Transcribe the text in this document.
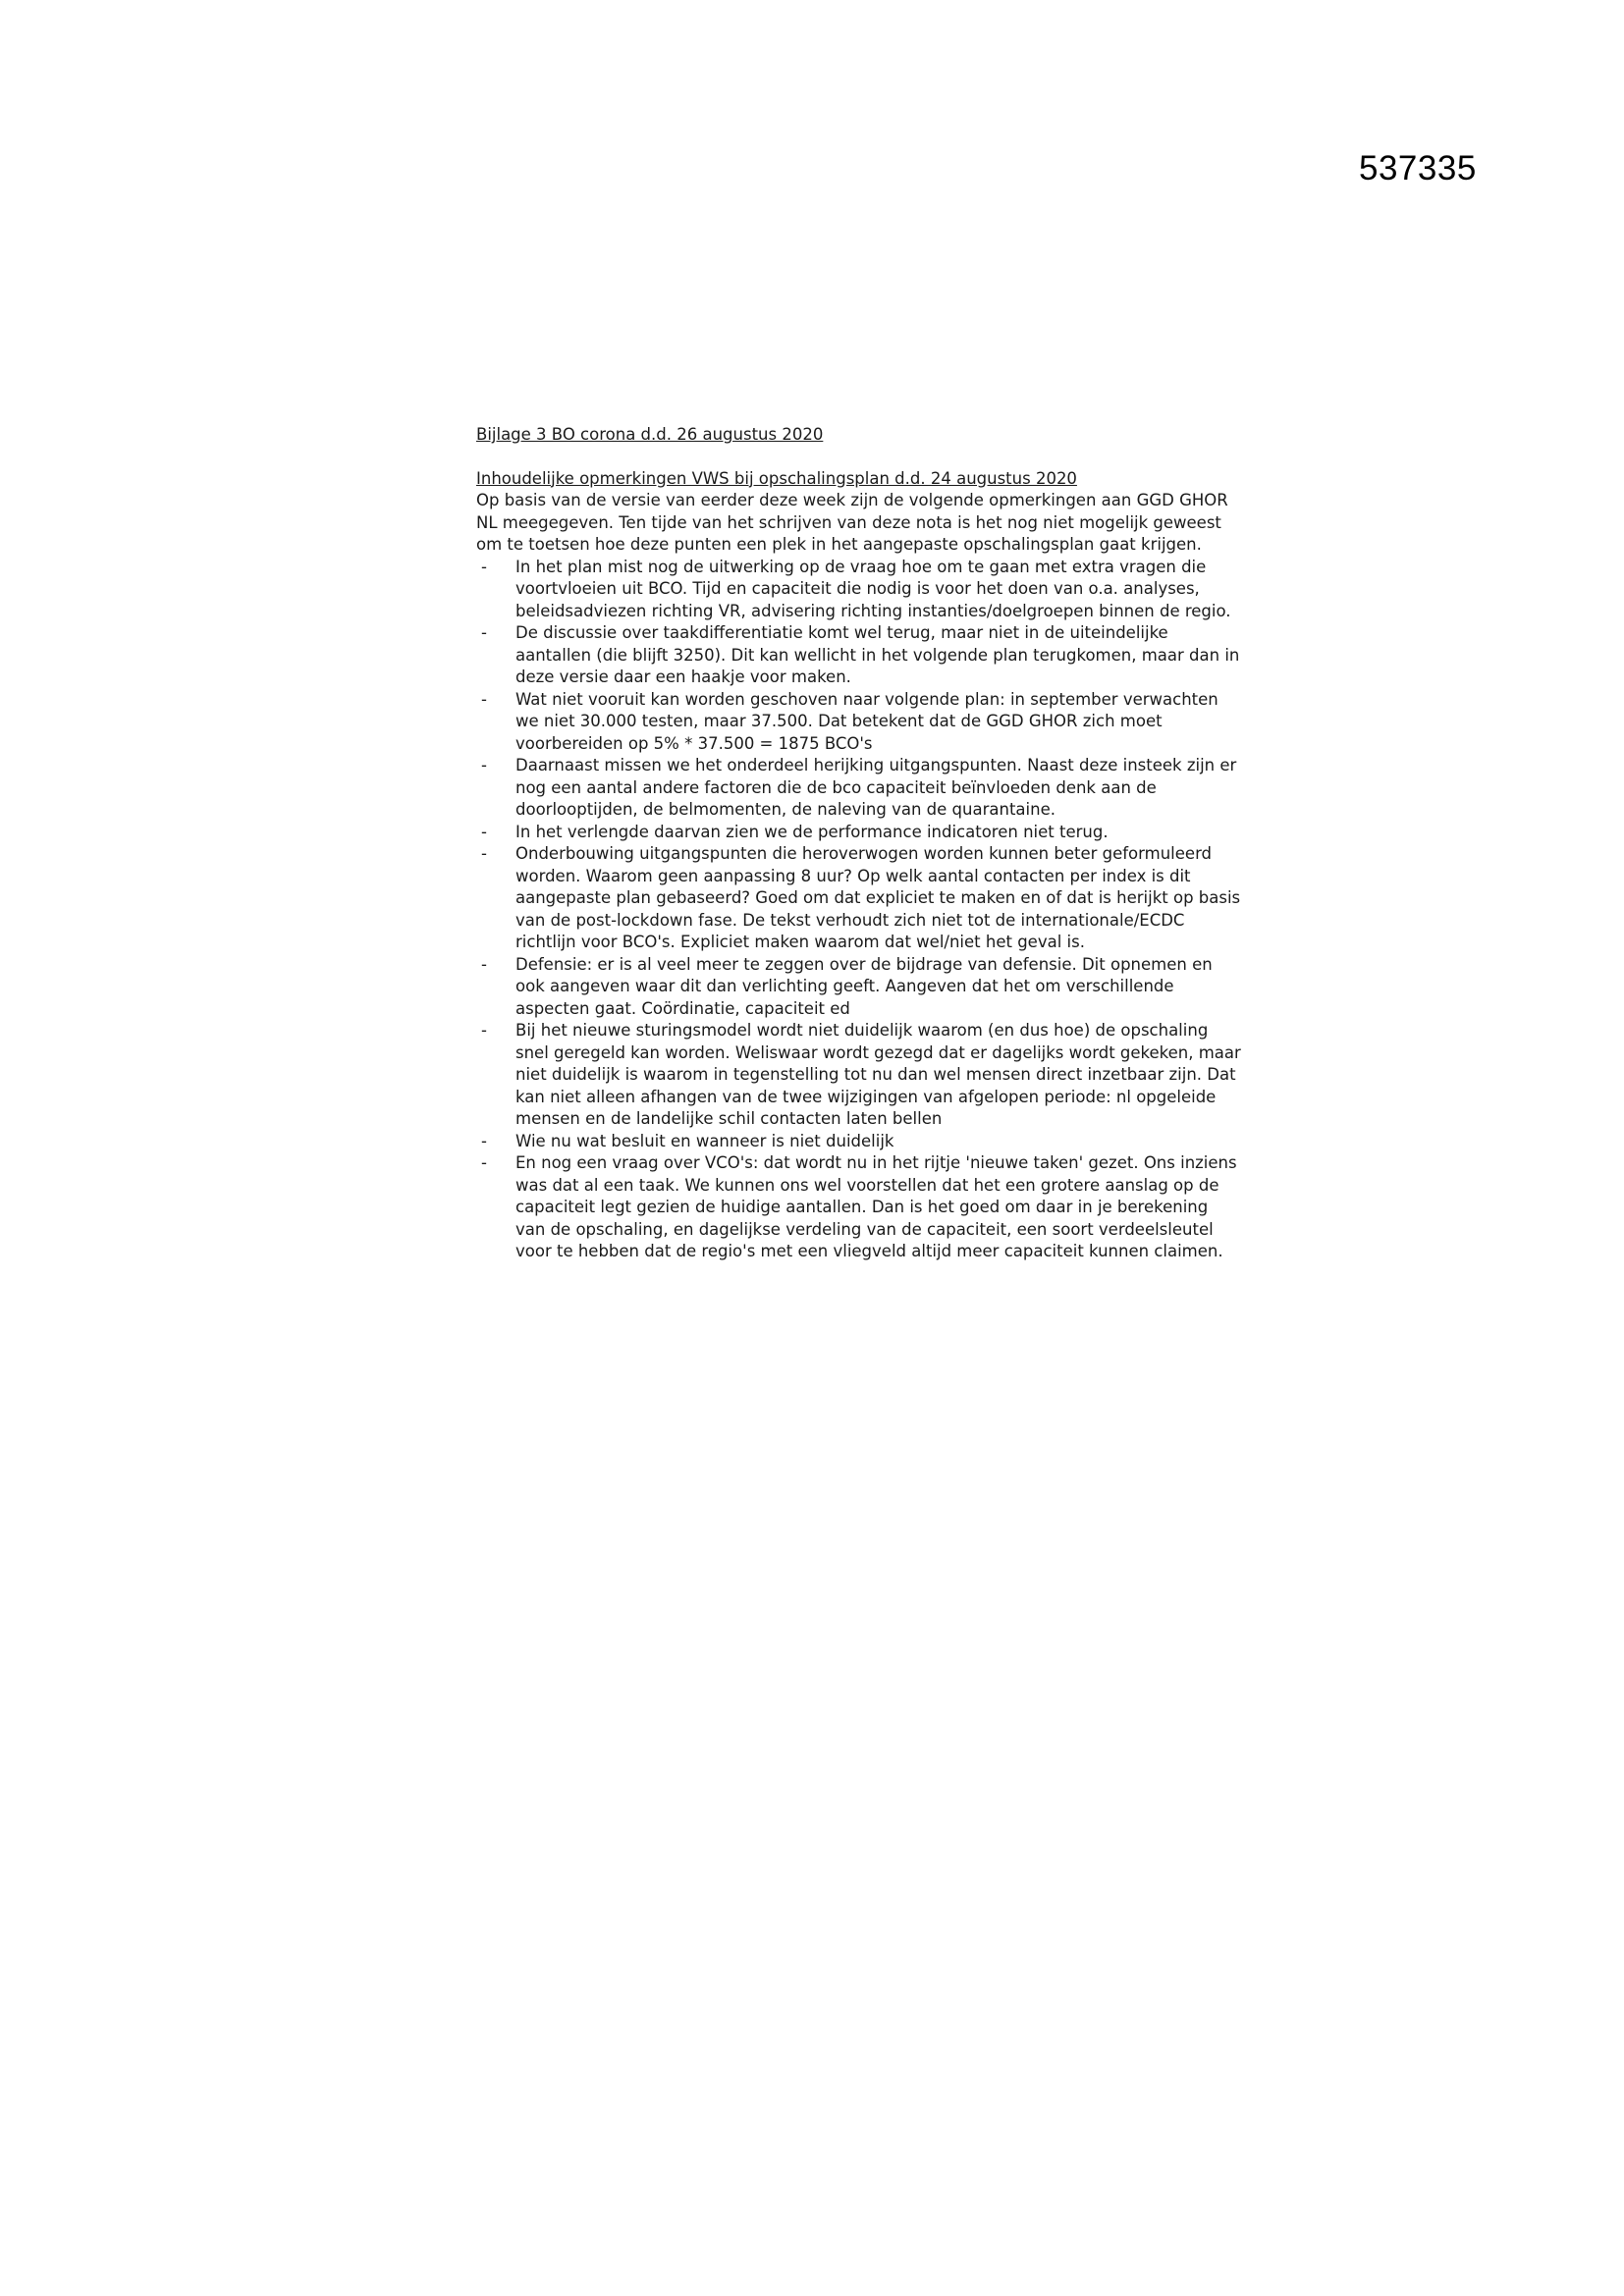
537335

Bijlage 3 BO corona d.d. 26 augustus 2020

Inhoudelijke opmerkingen VWS bij opschalingsplan d.d. 24 augustus 2020

Op basis van de versie van eerder deze week zijn de volgende opmerkingen aan GGD GHOR NL meegegeven. Ten tijde van het schrijven van deze nota is het nog niet mogelijk geweest om te toetsen hoe deze punten een plek in het aangepaste opschalingsplan gaat krijgen.

- In het plan mist nog de uitwerking op de vraag hoe om te gaan met extra vragen die voortvloeien uit BCO. Tijd en capaciteit die nodig is voor het doen van o.a. analyses, beleidsadviezen richting VR, advisering richting instanties/doelgroepen binnen de regio.
- De discussie over taakdifferentiatie komt wel terug, maar niet in de uiteindelijke aantallen (die blijft 3250). Dit kan wellicht in het volgende plan terugkomen, maar dan in deze versie daar een haakje voor maken.
- Wat niet vooruit kan worden geschoven naar volgende plan: in september verwachten we niet 30.000 testen, maar 37.500. Dat betekent dat de GGD GHOR zich moet voorbereiden op 5% * 37.500 = 1875 BCO's
- Daarnaast missen we het onderdeel herijking uitgangspunten. Naast deze insteek zijn er nog een aantal andere factoren die de bco capaciteit beïnvloeden denk aan de doorlooptijden, de belmomenten, de naleving van de quarantaine.
- In het verlengde daarvan zien we de performance indicatoren niet terug.
- Onderbouwing uitgangspunten die heroverwogen worden kunnen beter geformuleerd worden. Waarom geen aanpassing 8 uur? Op welk aantal contacten per index is dit aangepaste plan gebaseerd? Goed om dat expliciet te maken en of dat is herijkt op basis van de post-lockdown fase. De tekst verhoudt zich niet tot de internationale/ECDC richtlijn voor BCO's. Expliciet maken waarom dat wel/niet het geval is.
- Defensie: er is al veel meer te zeggen over de bijdrage van defensie. Dit opnemen en ook aangeven waar dit dan verlichting geeft. Aangeven dat het om verschillende aspecten gaat. Coördinatie, capaciteit ed
- Bij het nieuwe sturingsmodel wordt niet duidelijk waarom (en dus hoe) de opschaling snel geregeld kan worden. Weliswaar wordt gezegd dat er dagelijks wordt gekeken, maar niet duidelijk is waarom in tegenstelling tot nu dan wel mensen direct inzetbaar zijn. Dat kan niet alleen afhangen van de twee wijzigingen van afgelopen periode: nl opgeleide mensen en de landelijke schil contacten laten bellen
- Wie nu wat besluit en wanneer is niet duidelijk
- En nog een vraag over VCO's: dat wordt nu in het rijtje 'nieuwe taken' gezet. Ons inziens was dat al een taak. We kunnen ons wel voorstellen dat het een grotere aanslag op de capaciteit legt gezien de huidige aantallen. Dan is het goed om daar in je berekening van de opschaling, en dagelijkse verdeling van de capaciteit, een soort verdeelsleutel voor te hebben dat de regio's met een vliegveld altijd meer capaciteit kunnen claimen.
